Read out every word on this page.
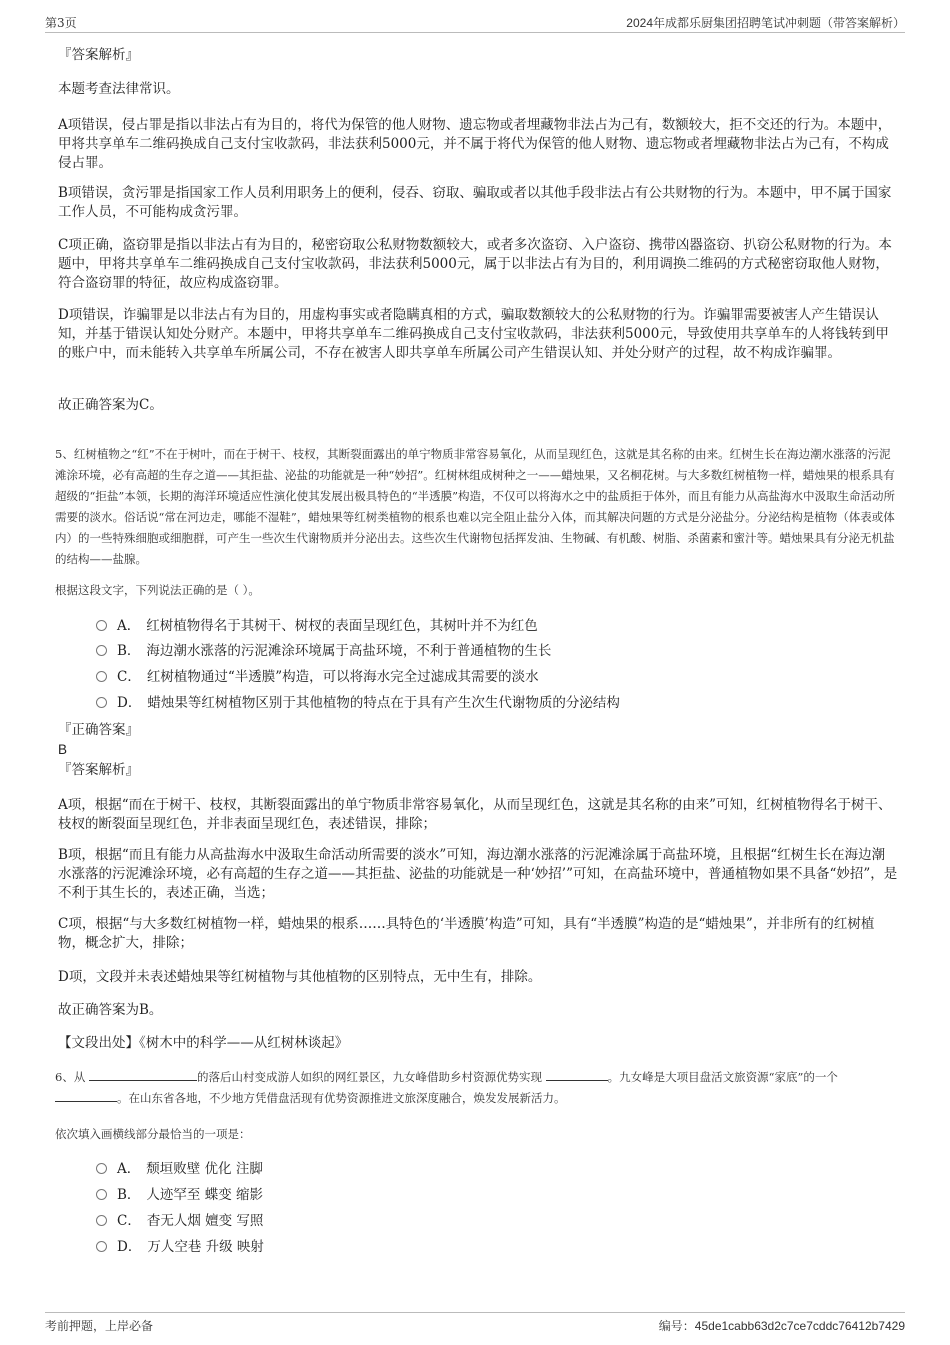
第3页	2024年成都乐厨集团招聘笔试冲刺题（带答案解析）

『答案解析』

本题考查法律常识。

A项错误，侵占罪是指以非法占有为目的，将代为保管的他人财物、遗忘物或者埋藏物非法占为己有，数额较大，拒不交还的行为。本题中，甲将共享单车二维码换成自己支付宝收款码，非法获利5000元，并不属于将代为保管的他人财物、遗忘物或者埋藏物非法占为己有，不构成侵占罪。

B项错误，贪污罪是指国家工作人员利用职务上的便利，侵吞、窃取、骗取或者以其他手段非法占有公共财物的行为。本题中，甲不属于国家工作人员，不可能构成贪污罪。

C项正确，盗窃罪是指以非法占有为目的，秘密窃取公私财物数额较大，或者多次盗窃、入户盗窃、携带凶器盗窃、扒窃公私财物的行为。本题中，甲将共享单车二维码换成自己支付宝收款码，非法获利5000元，属于以非法占有为目的，利用调换二维码的方式秘密窃取他人财物，符合盗窃罪的特征，故应构成盗窃罪。

D项错误，诈骗罪是以非法占有为目的，用虚构事实或者隐瞒真相的方式，骗取数额较大的公私财物的行为。诈骗罪需要被害人产生错误认知，并基于错误认知处分财产。本题中，甲将共享单车二维码换成自己支付宝收款码，非法获利5000元，导致使用共享单车的人将钱转到甲的账户中，而未能转入共享单车所属公司，不存在被害人即共享单车所属公司产生错误认知、并处分财产的过程，故不构成诈骗罪。

故正确答案为C。

5、红树植物之“红”不在于树叶，而在于树干、枝杈，其断裂面露出的单宁物质非常容易氧化，从而呈现红色，这就是其名称的由来。红树生长在海边潮水涨落的污泥滩涂环境，必有高超的生存之道——其拒盐、泌盐的功能就是一种“妙招”。红树林组成树种之一——蜡烛果，又名桐花树。与大多数红树植物一样，蜡烛果的根系具有超级的“拒盐”本领，长期的海洋环境适应性演化使其发展出极具特色的“半透膜”构造，不仅可以将海水之中的盐质拒于体外，而且有能力从高盐海水中汲取生命活动所需要的淡水。俗话说“常在河边走，哪能不湿鞋”，蜡烛果等红树类植物的根系也难以完全阻止盐分入体，而其解决问题的方式是分泌盐分。分泌结构是植物（体表或体内）的一些特殊细胞或细胞群，可产生一些次生代谢物质并分泌出去。这些次生代谢物包括挥发油、生物碱、有机酸、树脂、杀菌素和蜜汁等。蜡烛果具有分泌无机盐的结构——盐腺。

根据这段文字，下列说法正确的是（ ）。

A． 红树植物得名于其树干、树杈的表面呈现红色，其树叶并不为红色
B． 海边潮水涨落的污泥滩涂环境属于高盐环境，不利于普通植物的生长
C． 红树植物通过“半透膜”构造，可以将海水完全过滤成其需要的淡水
D． 蜡烛果等红树植物区别于其他植物的特点在于具有产生次生代谢物质的分泌结构

『正确答案』

B

『答案解析』

A项，根据“而在于树干、枝杈，其断裂面露出的单宁物质非常容易氧化，从而呈现红色，这就是其名称的由来”可知，红树植物得名于树干、枝杈的断裂面呈现红色，并非表面呈现红色，表述错误，排除；

B项，根据“而且有能力从高盐海水中汲取生命活动所需要的淡水”可知，海边潮水涨落的污泥滩涂属于高盐环境，且根据“红树生长在海边潮水涨落的污泥滩涂环境，必有高超的生存之道——其拒盐、泌盐的功能就是一种‘妙招’”可知，在高盐环境中，普通植物如果不具备“妙招”，是不利于其生长的，表述正确，当选；

C项，根据“与大多数红树植物一样，蜡烛果的根系……具特色的‘半透膜’构造”可知，具有“半透膜”构造的是“蜡烛果”，并非所有的红树植物，概念扩大，排除；

D项，文段并未表述蜡烛果等红树植物与其他植物的区别特点，无中生有，排除。

故正确答案为B。

【文段出处】《树木中的科学——从红树林谈起》

6、从	的落后山村变成游人如织的网红景区，九女峰借助乡村资源优势实现	。九女峰是大项目盘活文旅资源“家底”的一个 。在山东省各地，不少地方凭借盘活现有优势资源推进文旅深度融合，焕发发展新活力。

依次填入画横线部分最恰当的一项是：

A． 颓垣败壁 优化 注脚
B． 人迹罕至 蝶变 缩影
C． 杳无人烟 嬗变 写照
D． 万人空巷 升级 映射
考前押题，上岸必备	编号：45de1cabb63d2c7ce7cddc76412b7429
